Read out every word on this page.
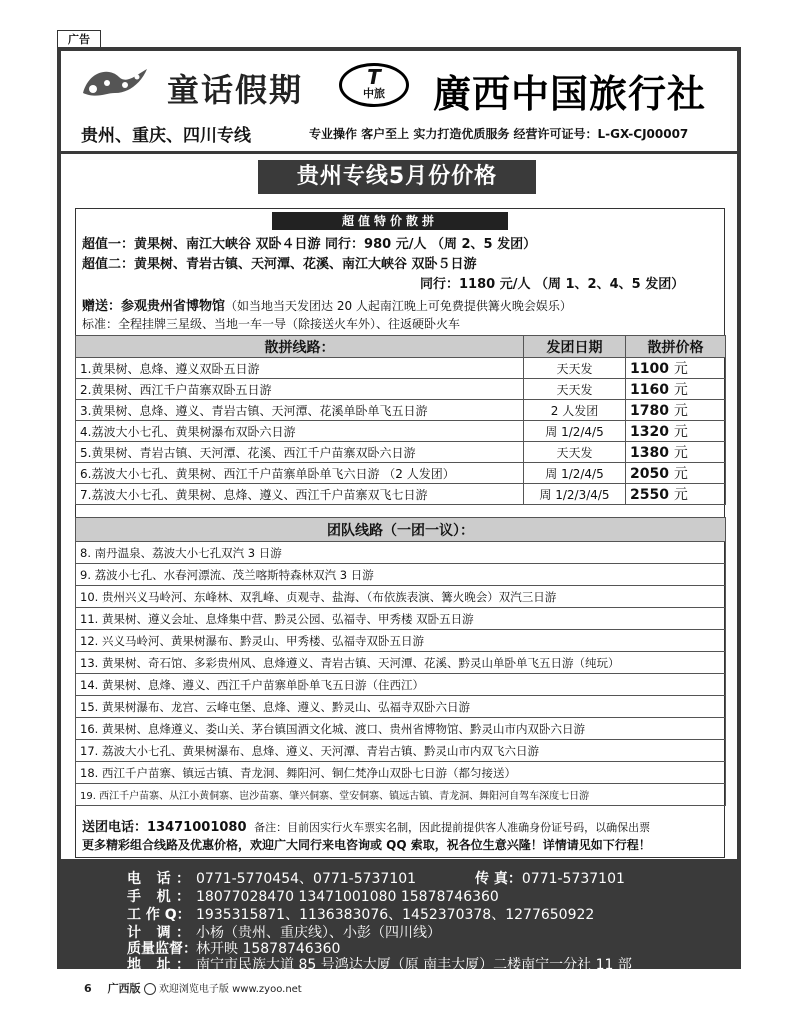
广告
童话假期	T
中旅	廣西中国旅行社
贵州、重庆、四川专线	专业操作 客户至上 实力打造优质服务 经营许可证号：L-GX-CJ00007
贵州专线5月份价格
超值特价散拼
超值一：黄果树、南江大峡谷 双卧４日游 同行：980 元/人 （周 2、5 发团）
超值二：黄果树、青岩古镇、天河潭、花溪、南江大峡谷 双卧５日游
同行：1180 元/人 （周 1、2、4、5 发团）
赠送：参观贵州省博物馆（如当地当天发团达 20 人起南江晚上可免费提供篝火晚会娱乐）
标准：全程挂牌三星级、当地一车一导（除接送火车外）、往返硬卧火车
散拼线路：	发团日期	散拼价格
1.黄果树、息烽、遵义双卧五日游	天天发	1100 元
2.黄果树、西江千户苗寨双卧五日游	天天发	1160 元
3.黄果树、息烽、遵义、青岩古镇、天河潭、花溪单卧单飞五日游	2 人发团	1780 元
4.荔波大小七孔、黄果树瀑布双卧六日游	周 1/2/4/5	1320 元
5.黄果树、青岩古镇、天河潭、花溪、西江千户苗寨双卧六日游	天天发	1380 元
6.荔波大小七孔、黄果树、西江千户苗寨单卧单飞六日游 （2 人发团）	周 1/2/4/5	2050 元
7.荔波大小七孔、黄果树、息烽、遵义、西江千户苗寨双飞七日游	周 1/2/3/4/5	2550 元
团队线路（一团一议）：
8. 南丹温泉、荔波大小七孔双汽 3 日游
9. 荔波小七孔、水春河漂流、茂兰喀斯特森林双汽 3 日游
10. 贵州兴义马岭河、东峰林、双乳峰、贞观寺、盐海、（布依族表演、篝火晚会）双汽三日游
11. 黄果树、遵义会址、息烽集中营、黔灵公园、弘福寺、甲秀楼 双卧五日游
12. 兴义马岭河、黄果树瀑布、黔灵山、甲秀楼、弘福寺双卧五日游
13. 黄果树、奇石馆、多彩贵州风、息烽遵义、青岩古镇、天河潭、花溪、黔灵山单卧单飞五日游（纯玩）
14. 黄果树、息烽、遵义、西江千户苗寨单卧单飞五日游（住西江）
15. 黄果树瀑布、龙宫、云峰屯堡、息烽、遵义、黔灵山、弘福寺双卧六日游
16. 黄果树、息烽遵义、娄山关、茅台镇国酒文化城、渡口、贵州省博物馆、黔灵山市内双卧六日游
17. 荔波大小七孔、黄果树瀑布、息烽、遵义、天河潭、青岩古镇、黔灵山市内双飞六日游
18. 西江千户苗寨、镇远古镇、青龙洞、舞阳河、铜仁梵净山双卧七日游（都匀接送）
19. 西江千户苗寨、从江小黄侗寨、岜沙苗寨、肇兴侗寨、堂安侗寨、镇远古镇、青龙洞、舞阳河自驾车深度七日游
送团电话：13471001080 备注：目前因实行火车票实名制，因此提前提供客人准确身份证号码，以确保出票
更多精彩组合线路及优惠价格，欢迎广大同行来电咨询或 QQ 索取，祝各位生意兴隆！详情请见如下行程！
电 话： 0771-5770454、0771-5737101	传 真：0771-5737101
手 机： 18077028470 13471001080 15878746360
工 作 Q： 1935315871、1136383076、1452370378、1277650922
计 调： 小杨（贵州、重庆线）、小彭（四川线）
质量监督：林开映 15878746360
地 址： 南宁市民族大道 85 号鸿达大厦（原 南丰大厦）二楼南宁一分社 11 部
6 广西版 欢迎浏览电子版 www.zyoo.net
